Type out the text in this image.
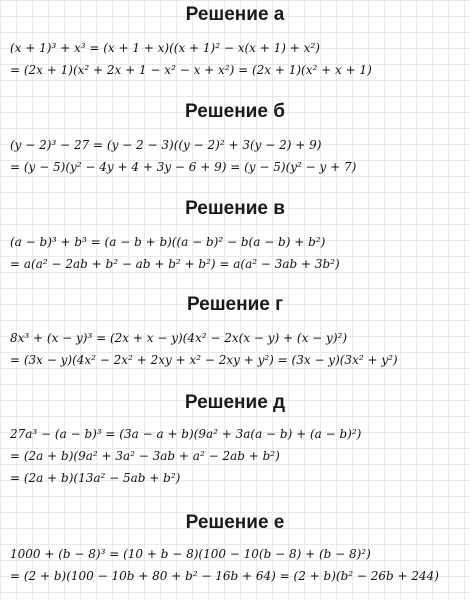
Решение а
(x + 1)³ + x³ = (x + 1 + x)((x + 1)² − x(x + 1) + x²)
= (2x + 1)(x² + 2x + 1 − x² − x + x²) = (2x + 1)(x² + x + 1)
Решение б
(y − 2)³ − 27 = (y − 2 − 3)((y − 2)² + 3(y − 2) + 9)
= (y − 5)(y² − 4y + 4 + 3y − 6 + 9) = (y − 5)(y² − y + 7)
Решение в
(a − b)³ + b³ = (a − b + b)((a − b)² − b(a − b) + b²)
= a(a² − 2ab + b² − ab + b² + b²) = a(a² − 3ab + 3b²)
Решение г
8x³ + (x − y)³ = (2x + x − y)(4x² − 2x(x − y) + (x − y)²)
= (3x − y)(4x² − 2x² + 2xy + x² − 2xy + y²) = (3x − y)(3x² + y²)
Решение д
27a³ − (a − b)³ = (3a − a + b)(9a² + 3a(a − b) + (a − b)²)
= (2a + b)(9a² + 3a² − 3ab + a² − 2ab + b²)
= (2a + b)(13a² − 5ab + b²)
Решение е
1000 + (b − 8)³ = (10 + b − 8)(100 − 10(b − 8) + (b − 8)²)
= (2 + b)(100 − 10b + 80 + b² − 16b + 64) = (2 + b)(b² − 26b + 244)
